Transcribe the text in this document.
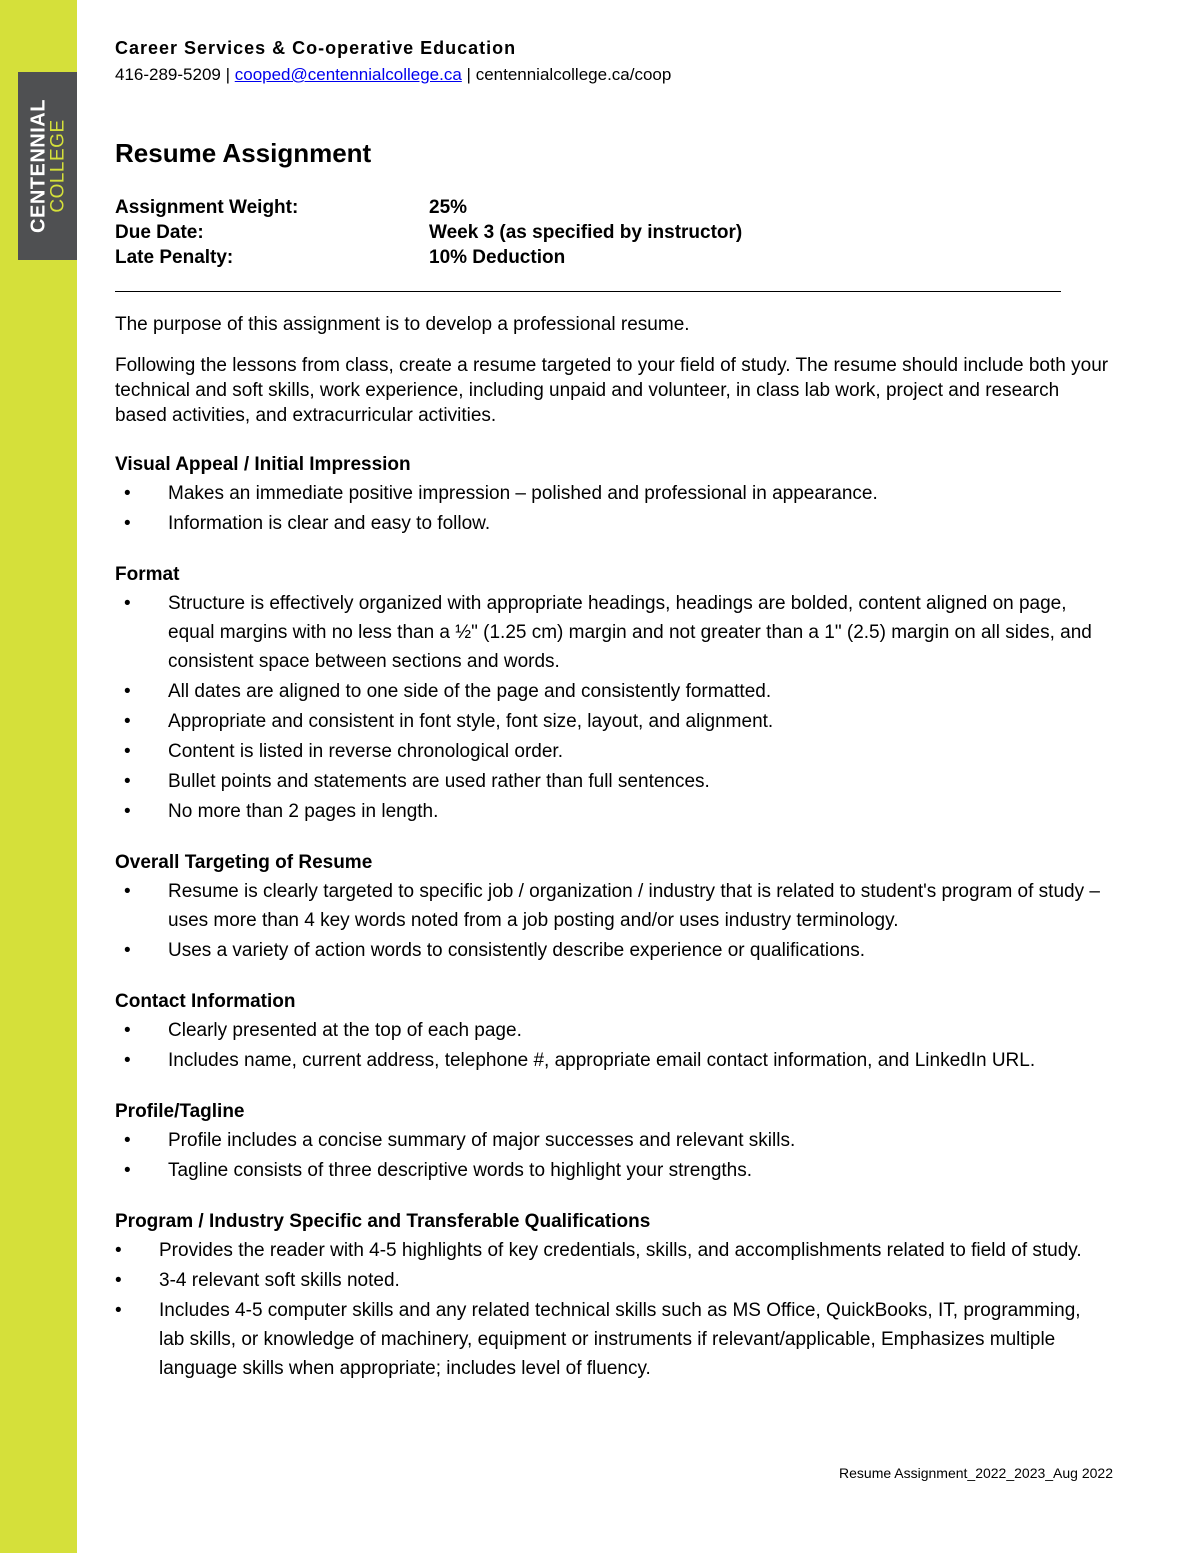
CENTENNIAL
COLLEGE
Career Services & Co-operative Education
416-289-5209 | cooped@centennialcollege.ca | centennialcollege.ca/coop
Resume Assignment
Assignment Weight:	25%
Due Date:	Week 3 (as specified by instructor)
Late Penalty:	10% Deduction

The purpose of this assignment is to develop a professional resume.

Following the lessons from class, create a resume targeted to your field of study. The resume should include both your technical and soft skills, work experience, including unpaid and volunteer, in class lab work, project and research based activities, and extracurricular activities.

Visual Appeal / Initial Impression
• Makes an immediate positive impression – polished and professional in appearance.
• Information is clear and easy to follow.
Format
• Structure is effectively organized with appropriate headings, headings are bolded, content aligned on page, equal margins with no less than a ½" (1.25 cm) margin and not greater than a 1" (2.5) margin on all sides, and consistent space between sections and words.
• All dates are aligned to one side of the page and consistently formatted.
• Appropriate and consistent in font style, font size, layout, and alignment.
• Content is listed in reverse chronological order.
• Bullet points and statements are used rather than full sentences.
• No more than 2 pages in length.
Overall Targeting of Resume
• Resume is clearly targeted to specific job / organization / industry that is related to student's program of study – uses more than 4 key words noted from a job posting and/or uses industry terminology.
• Uses a variety of action words to consistently describe experience or qualifications.
Contact Information
• Clearly presented at the top of each page.
• Includes name, current address, telephone #, appropriate email contact information, and LinkedIn URL.
Profile/Tagline
• Profile includes a concise summary of major successes and relevant skills.
• Tagline consists of three descriptive words to highlight your strengths.
Program / Industry Specific and Transferable Qualifications
• Provides the reader with 4-5 highlights of key credentials, skills, and accomplishments related to field of study.
• 3-4 relevant soft skills noted.
• Includes 4-5 computer skills and any related technical skills such as MS Office, QuickBooks, IT, programming, lab skills, or knowledge of machinery, equipment or instruments if relevant/applicable, Emphasizes multiple language skills when appropriate; includes level of fluency.
Resume Assignment_2022_2023_Aug 2022
